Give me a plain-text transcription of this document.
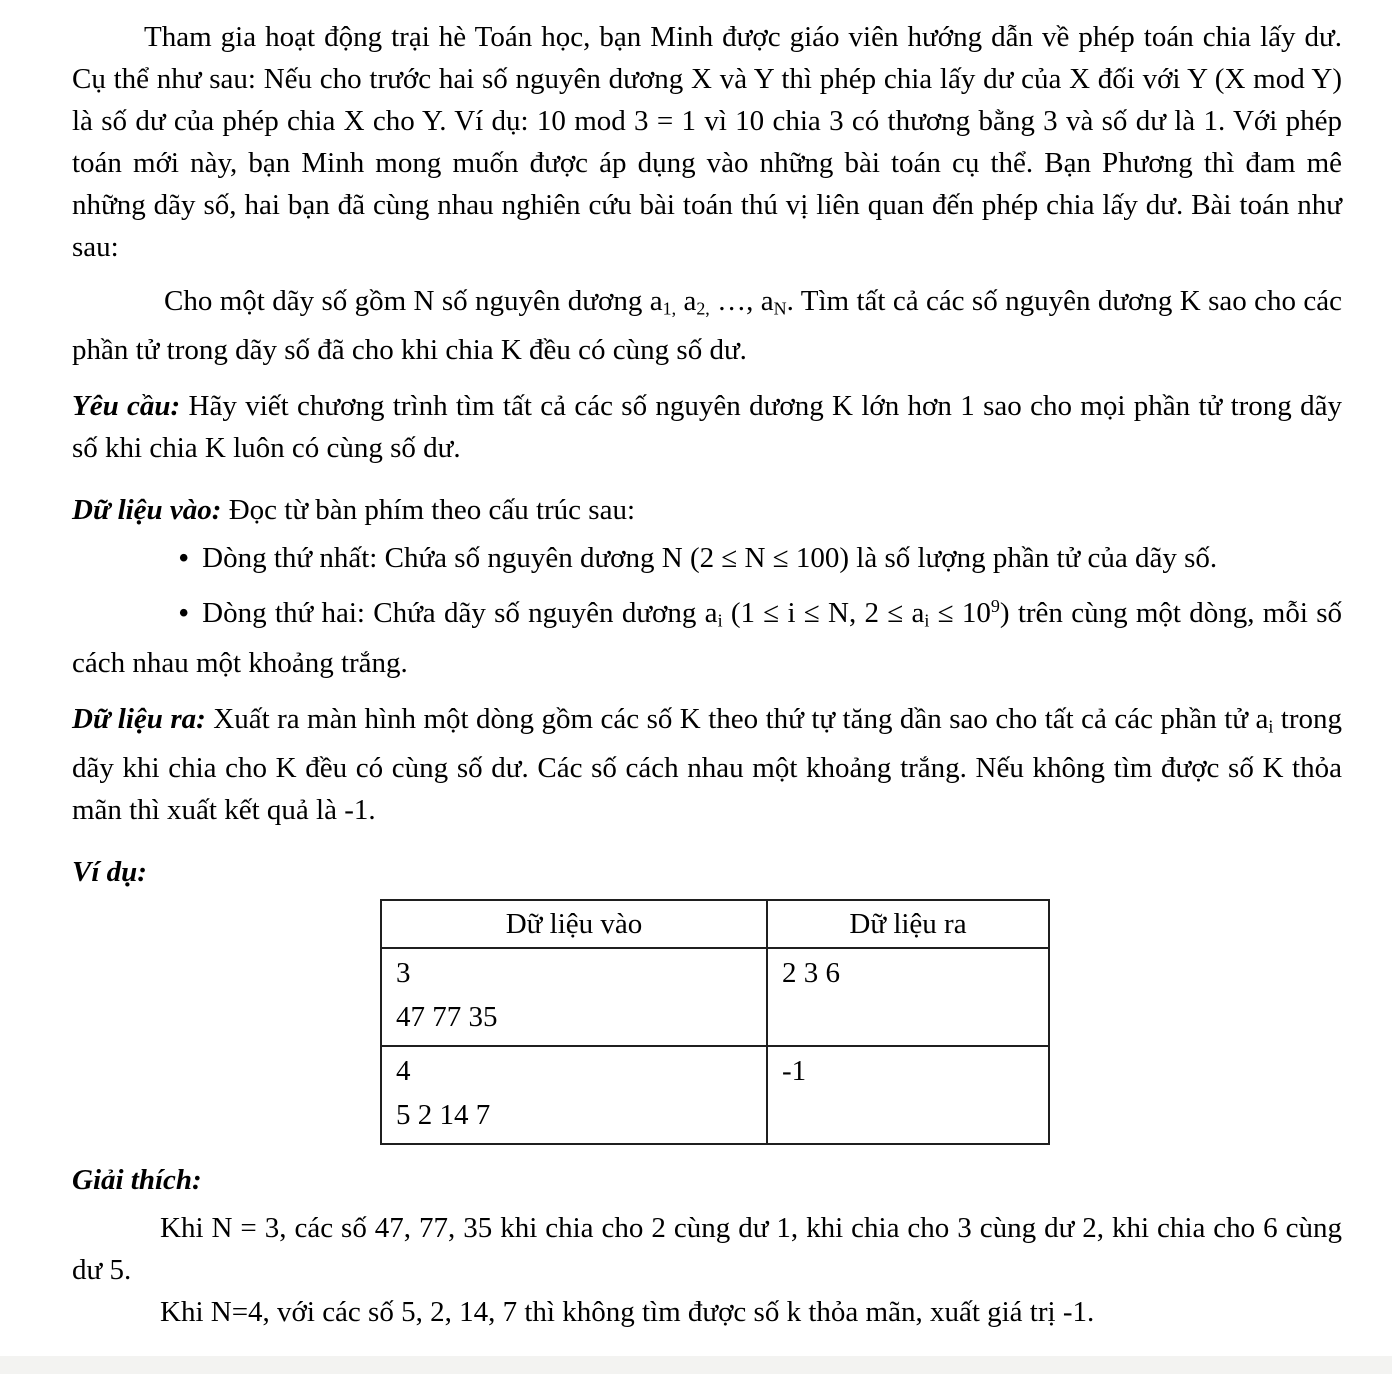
Tham gia hoạt động trại hè Toán học, bạn Minh được giáo viên hướng dẫn về phép toán chia lấy dư. Cụ thể như sau: Nếu cho trước hai số nguyên dương X và Y thì phép chia lấy dư của X đối với Y (X mod Y) là số dư của phép chia X cho Y. Ví dụ: 10 mod 3 = 1 vì 10 chia 3 có thương bằng 3 và số dư là 1. Với phép toán mới này, bạn Minh mong muốn được áp dụng vào những bài toán cụ thể. Bạn Phương thì đam mê những dãy số, hai bạn đã cùng nhau nghiên cứu bài toán thú vị liên quan đến phép chia lấy dư. Bài toán như sau:

Cho một dãy số gồm N số nguyên dương a1, a2, …, aN. Tìm tất cả các số nguyên dương K sao cho các phần tử trong dãy số đã cho khi chia K đều có cùng số dư.

Yêu cầu: Hãy viết chương trình tìm tất cả các số nguyên dương K lớn hơn 1 sao cho mọi phần tử trong dãy số khi chia K luôn có cùng số dư.

Dữ liệu vào: Đọc từ bàn phím theo cấu trúc sau:

• Dòng thứ nhất: Chứa số nguyên dương N (2 ≤ N ≤ 100) là số lượng phần tử của dãy số.

• Dòng thứ hai: Chứa dãy số nguyên dương ai (1 ≤ i ≤ N, 2 ≤ ai ≤ $10^9$) trên cùng một dòng, mỗi số cách nhau một khoảng trắng.

Dữ liệu ra: Xuất ra màn hình một dòng gồm các số K theo thứ tự tăng dần sao cho tất cả các phần tử ai trong dãy khi chia cho K đều có cùng số dư. Các số cách nhau một khoảng trắng. Nếu không tìm được số K thỏa mãn thì xuất kết quả là -1.

Ví dụ:

Dữ liệu vào	Dữ liệu ra

3
47 77 35	2 3 6

4
5 2 14 7	-1

Giải thích:

Khi N = 3, các số 47, 77, 35 khi chia cho 2 cùng dư 1, khi chia cho 3 cùng dư 2, khi chia cho 6 cùng dư 5.

Khi N=4, với các số 5, 2, 14, 7 thì không tìm được số k thỏa mãn, xuất giá trị -1.
